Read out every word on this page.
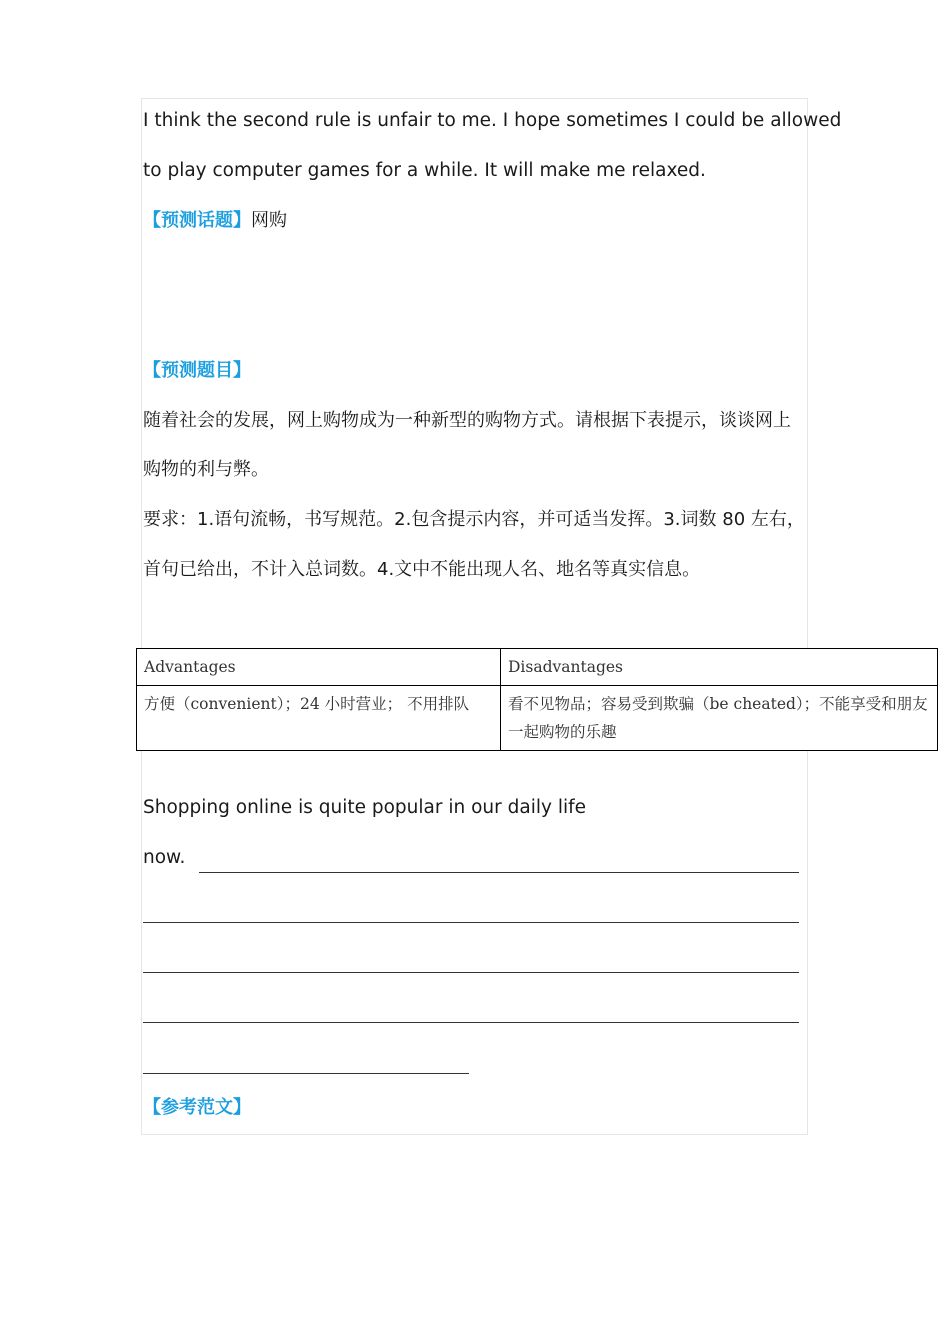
I think the second rule is unfair to me. I hope sometimes I could be allowed
to play computer games for a while. It will make me relaxed.
【预测话题】网购
【预测题目】
随着社会的发展，网上购物成为一种新型的购物方式。请根据下表提示，谈谈网上
购物的利与弊。
要求：1.语句流畅，书写规范。2.包含提示内容，并可适当发挥。3.词数 80 左右，
首句已给出，不计入总词数。4.文中不能出现人名、地名等真实信息。
Advantages	Disadvantages
方便（convenient）；24 小时营业； 不用排队	看不见物品；容易受到欺骗（be cheated）；不能享受和朋友一起购物的乐趣
Shopping online is quite popular in our daily life
now.
【参考范文】
